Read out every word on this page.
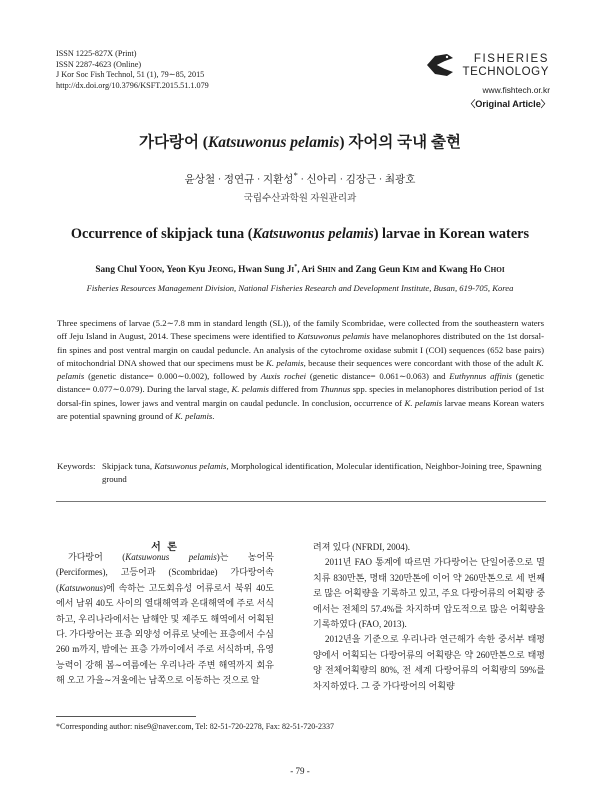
ISSN 1225-827X (Print)
ISSN 2287-4623 (Online)
J Kor Soc Fish Technol, 51 (1), 79∼85, 2015
http://dx.doi.org/10.3796/KSFT.2015.51.1.079
FISHERIES
TECHNOLOGY
www.fishtech.or.kr
〈Original Article〉
가다랑어 (Katsuwonus pelamis) 자어의 국내 출현
윤상철 · 정연규 · 지환성* · 신아리 · 김장근 · 최광호
국립수산과학원 자원관리과
Occurrence of skipjack tuna (Katsuwonus pelamis) larvae in Korean waters
Sang Chul YOON, Yeon Kyu JEONG, Hwan Sung JI*, Ari SHIN and Zang Geun KIM and Kwang Ho CHOI
Fisheries Resources Management Division, National Fisheries Research and Development Institute, Busan, 619-705, Korea

Three specimens of larvae (5.2∼7.8 mm in standard length (SL)), of the family Scombridae, were collected from the southeastern waters off Jeju Island in August, 2014. These specimens were identified to Katsuwonus pelamis have melanophores distributed on the 1st dorsal-fin spines and post ventral margin on caudal peduncle. An analysis of the cytochrome oxidase submit I (COI) sequences (652 base pairs) of mitochondrial DNA showed that our specimens must be K. pelamis, because their sequences were concordant with those of the adult K. pelamis (genetic distance= 0.000∼0.002), followed by Auxis rochei (genetic distance= 0.061∼0.063) and Euthynnus affinis (genetic distance= 0.077∼0.079). During the larval stage, K. pelamis differed from Thunnus spp. species in melanophores distribution period of 1st dorsal-fin spines, lower jaws and ventral margin on caudal peduncle. In conclusion, occurrence of K. pelamis larvae means Korean waters are potential spawning ground of K. pelamis.

Keywords: Skipjack tuna, Katsuwonus pelamis, Morphological identification, Molecular identification, Neighbor-Joining tree, Spawning ground
서 론

가다랑어 (Katsuwonus pelamis)는 농어목 (Perciformes), 고등어과 (Scombridae) 가다랑어속 (Katsuwonus)에 속하는 고도회유성 어류로서 북위 40도에서 남위 40도 사이의 열대해역과 온대해역에 주로 서식하고, 우리나라에서는 남해안 및 제주도 해역에서 어획된다. 가다랑어는 표층 외양성 어류로 낮에는 표층에서 수심 260 m까지, 밤에는 표층 가까이에서 주로 서식하며, 유영능력이 강해 봄∼여름에는 우리나라 주변 해역까지 회유해 오고 가을∼겨울에는 남쪽으로 이동하는 것으로 알

려져 있다 (NFRDI, 2004).

2011년 FAO 통계에 따르면 가다랑어는 단일어종으로 멸치류 830만톤, 명태 320만톤에 이어 약 260만톤으로 세 번째로 많은 어획량을 기록하고 있고, 주요 다랑어류의 어획량 중에서는 전체의 57.4%를 차지하며 압도적으로 많은 어획량을 기록하였다 (FAO, 2013).

2012년을 기준으로 우리나라 연근해가 속한 중서부 태평양에서 어획되는 다랑어류의 어획량은 약 260만톤으로 태평양 전체어획량의 80%, 전 세계 다랑어류의 어획량의 59%를 차지하였다. 그 중 가다랑어의 어획량

*Corresponding author: nise9@naver.com, Tel: 82-51-720-2278, Fax: 82-51-720-2337
- 79 -
